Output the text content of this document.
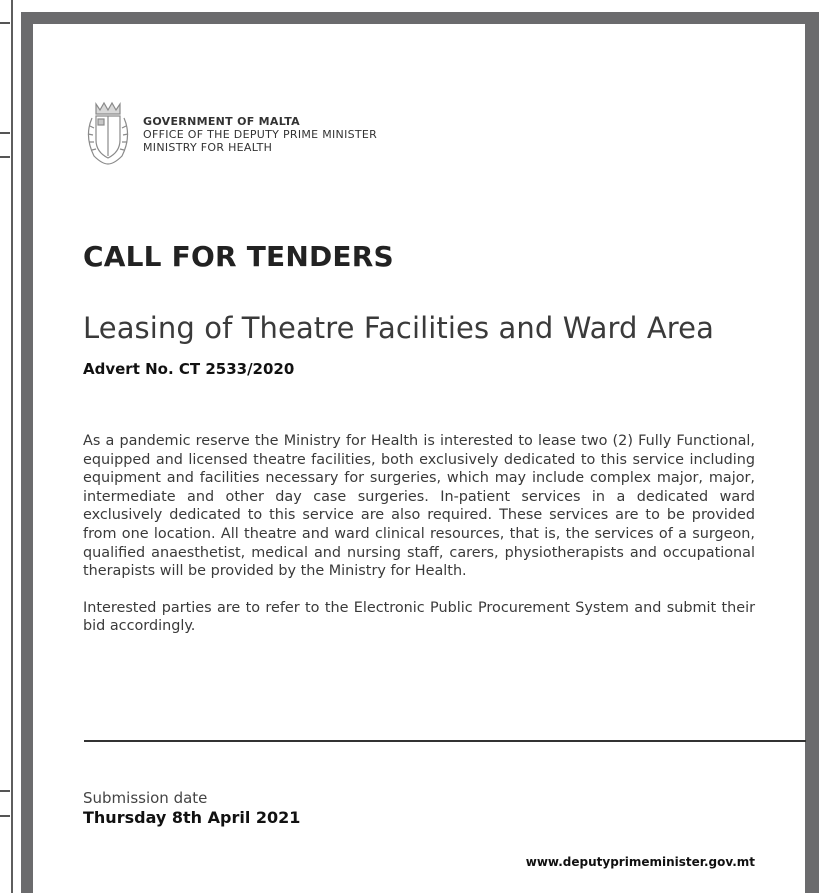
GOVERNMENT OF MALTA
OFFICE OF THE DEPUTY PRIME MINISTER
MINISTRY FOR HEALTH
CALL FOR TENDERS
Leasing of Theatre Facilities and Ward Area
Advert No. CT 2533/2020

As a pandemic reserve the Ministry for Health is interested to lease two (2) Fully Functional, equipped and licensed theatre facilities, both exclusively dedicated to this service including equipment and facilities necessary for surgeries, which may include complex major, major, intermediate and other day case surgeries. In-patient services in a dedicated ward exclusively dedicated to this service are also required. These services are to be provided from one location. All theatre and ward clinical resources, that is, the services of a surgeon, qualified anaesthetist, medical and nursing staff, carers, physiotherapists and occupational therapists will be provided by the Ministry for Health.

Interested parties are to refer to the Electronic Public Procurement System and submit their bid accordingly.

Submission date
Thursday 8th April 2021
www.deputyprimeminister.gov.mt
